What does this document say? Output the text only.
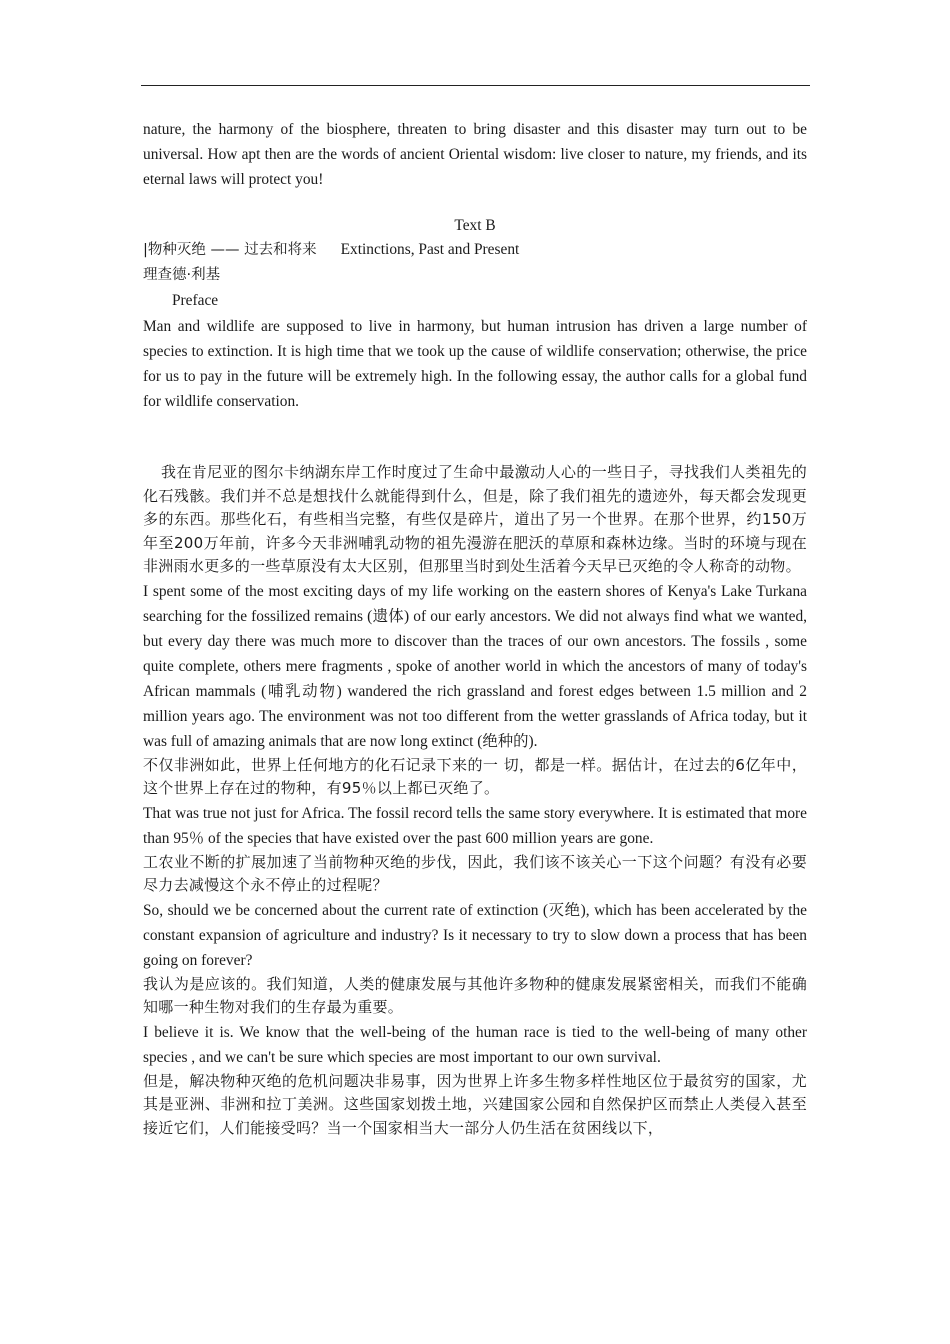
nature, the harmony of the biosphere, threaten to bring disaster and this disaster may turn out to be universal. How apt then are the words of ancient Oriental wisdom: live closer to nature, my friends, and its eternal laws will protect you!

Text B

|物种灭绝 —— 过去和将来 Extinctions, Past and Present

理查德·利基

Preface

Man and wildlife are supposed to live in harmony, but human intrusion has driven a large number of species to extinction. It is high time that we took up the cause of wildlife conservation; otherwise, the price for us to pay in the future will be extremely high. In the following essay, the author calls for a global fund for wildlife conservation.

我在肯尼亚的图尔卡纳湖东岸工作时度过了生命中最激动人心的一些日子，寻找我们人类祖先的化石残骸。我们并不总是想找什么就能得到什么，但是，除了我们祖先的遗迹外，每天都会发现更多的东西。那些化石，有些相当完整，有些仅是碎片，道出了另一个世界。在那个世界，约150万年至200万年前，许多今天非洲哺乳动物的祖先漫游在肥沃的草原和森林边缘。当时的环境与现在非洲雨水更多的一些草原没有太大区别，但那里当时到处生活着今天早已灭绝的令人称奇的动物。

I spent some of the most exciting days of my life working on the eastern shores of Kenya's Lake Turkana searching for the fossilized remains (遗体) of our early ancestors. We did not always find what we wanted, but every day there was much more to discover than the traces of our own ancestors. The fossils , some quite complete, others mere fragments , spoke of another world in which the ancestors of many of today's African mammals (哺乳动物) wandered the rich grassland and forest edges between 1.5 million and 2 million years ago. The environment was not too different from the wetter grasslands of Africa today, but it was full of amazing animals that are now long extinct (绝种的).

不仅非洲如此，世界上任何地方的化石记录下来的一 切，都是一样。据估计，在过去的6亿年中，这个世界上存在过的物种，有95％以上都已灭绝了。

That was true not just for Africa. The fossil record tells the same story everywhere. It is estimated that more than 95％ of the species that have existed over the past 600 million years are gone.

工农业不断的扩展加速了当前物种灭绝的步伐，因此，我们该不该关心一下这个问题？有没有必要尽力去减慢这个永不停止的过程呢？

So, should we be concerned about the current rate of extinction (灭绝), which has been accelerated by the constant expansion of agriculture and industry? Is it necessary to try to slow down a process that has been going on forever?

我认为是应该的。我们知道，人类的健康发展与其他许多物种的健康发展紧密相关，而我们不能确知哪一种生物对我们的生存最为重要。

I believe it is. We know that the well-being of the human race is tied to the well-being of many other species , and we can't be sure which species are most important to our own survival.

但是，解决物种灭绝的危机问题决非易事，因为世界上许多生物多样性地区位于最贫穷的国家，尤其是亚洲、非洲和拉丁美洲。这些国家划拨土地，兴建国家公园和自然保护区而禁止人类侵入甚至接近它们，人们能接受吗？当一个国家相当大一部分人仍生活在贫困线以下，
